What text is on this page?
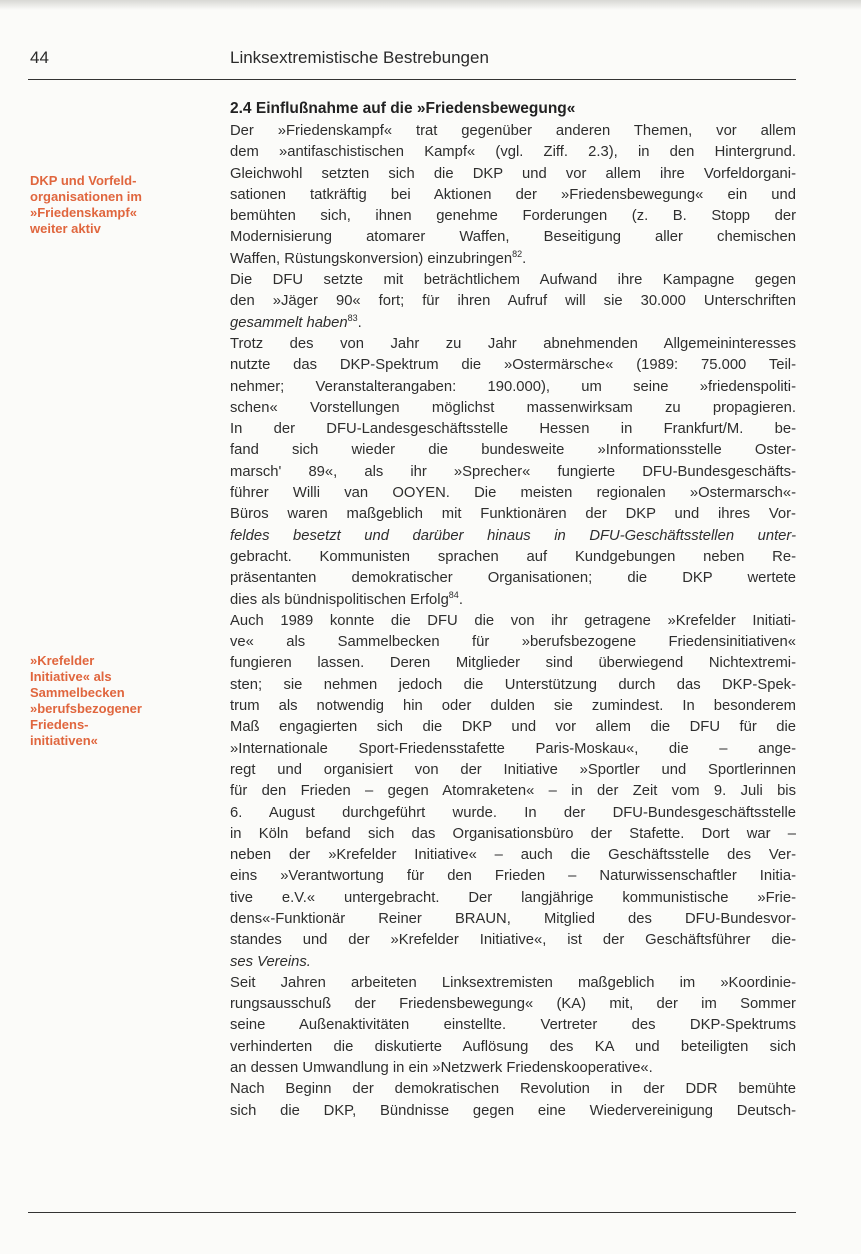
44	Linksextremistische Bestrebungen
DKP und Vorfeld-
organisationen im
»Friedenskampf«
weiter aktiv
»Krefelder
Initiative« als
Sammelbecken
»berufsbezogener
Friedens-
initiativen«
2.4 Einflußnahme auf die »Friedensbewegung«
Der »Friedenskampf« trat gegenüber anderen Themen, vor allem
dem »antifaschistischen Kampf« (vgl. Ziff. 2.3), in den Hintergrund.
Gleichwohl setzten sich die DKP und vor allem ihre Vorfeldorgani-
sationen tatkräftig bei Aktionen der »Friedensbewegung« ein und
bemühten sich, ihnen genehme Forderungen (z. B. Stopp der
Modernisierung atomarer Waffen, Beseitigung aller chemischen
Waffen, Rüstungskonversion) einzubringen$^{82}$.
Die DFU setzte mit beträchtlichem Aufwand ihre Kampagne gegen
den »Jäger 90« fort; für ihren Aufruf will sie 30.000 Unterschriften
gesammelt haben$^{83}$.
Trotz des von Jahr zu Jahr abnehmenden Allgemeininteresses
nutzte das DKP-Spektrum die »Ostermärsche« (1989: 75.000 Teil-
nehmer; Veranstalterangaben: 190.000), um seine »friedenspoliti-
schen« Vorstellungen möglichst massenwirksam zu propagieren.
In der DFU-Landesgeschäftsstelle Hessen in Frankfurt/M. be-
fand sich wieder die bundesweite »Informationsstelle Oster-
marsch' 89«, als ihr »Sprecher« fungierte DFU-Bundesgeschäfts-
führer Willi van OOYEN. Die meisten regionalen »Ostermarsch«-
Büros waren maßgeblich mit Funktionären der DKP und ihres Vor-
feldes besetzt und darüber hinaus in DFU-Geschäftsstellen unter-
gebracht. Kommunisten sprachen auf Kundgebungen neben Re-
präsentanten demokratischer Organisationen; die DKP wertete
dies als bündnispolitischen Erfolg$^{84}$.
Auch 1989 konnte die DFU die von ihr getragene »Krefelder Initiati-
ve« als Sammelbecken für »berufsbezogene Friedensinitiativen«
fungieren lassen. Deren Mitglieder sind überwiegend Nichtextremi-
sten; sie nehmen jedoch die Unterstützung durch das DKP-Spek-
trum als notwendig hin oder dulden sie zumindest. In besonderem
Maß engagierten sich die DKP und vor allem die DFU für die
»Internationale Sport-Friedensstafette Paris-Moskau«, die – ange-
regt und organisiert von der Initiative »Sportler und Sportlerinnen
für den Frieden – gegen Atomraketen« – in der Zeit vom 9. Juli bis
6. August durchgeführt wurde. In der DFU-Bundesgeschäftsstelle
in Köln befand sich das Organisationsbüro der Stafette. Dort war –
neben der »Krefelder Initiative« – auch die Geschäftsstelle des Ver-
eins »Verantwortung für den Frieden – Naturwissenschaftler Initia-
tive e.V.« untergebracht. Der langjährige kommunistische »Frie-
dens«-Funktionär Reiner BRAUN, Mitglied des DFU-Bundesvor-
standes und der »Krefelder Initiative«, ist der Geschäftsführer die-
ses Vereins.
Seit Jahren arbeiteten Linksextremisten maßgeblich im »Koordinie-
rungsausschuß der Friedensbewegung« (KA) mit, der im Sommer
seine Außenaktivitäten einstellte. Vertreter des DKP-Spektrums
verhinderten die diskutierte Auflösung des KA und beteiligten sich
an dessen Umwandlung in ein »Netzwerk Friedenskooperative«.
Nach Beginn der demokratischen Revolution in der DDR bemühte
sich die DKP, Bündnisse gegen eine Wiedervereinigung Deutsch-
